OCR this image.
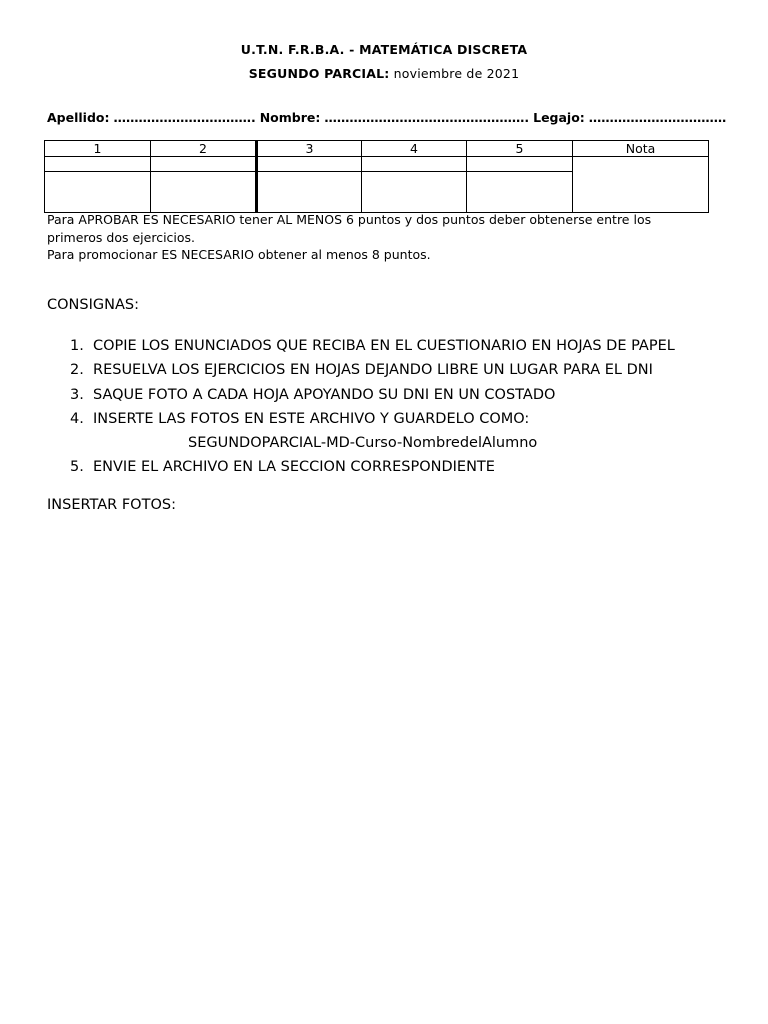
U.T.N. F.R.B.A. - MATEMÁTICA DISCRETA
SEGUNDO PARCIAL: noviembre de 2021
Apellido: ……………………………. Nombre: …………………………………………. Legajo: ……………………………
1	2	3	4	5	Nota

Para APROBAR ES NECESARIO tener AL MENOS 6 puntos y dos puntos deber obtenerse entre los

primeros dos ejercicios.

Para promocionar ES NECESARIO obtener al menos 8 puntos.

CONSIGNAS:
1. COPIE LOS ENUNCIADOS QUE RECIBA EN EL CUESTIONARIO EN HOJAS DE PAPEL
2. RESUELVA LOS EJERCICIOS EN HOJAS DEJANDO LIBRE UN LUGAR PARA EL DNI
3. SAQUE FOTO A CADA HOJA APOYANDO SU DNI EN UN COSTADO
4. INSERTE LAS FOTOS EN ESTE ARCHIVO Y GUARDELO COMO:
SEGUNDOPARCIAL-MD-Curso-NombredelAlumno
5. ENVIE EL ARCHIVO EN LA SECCION CORRESPONDIENTE
INSERTAR FOTOS:
